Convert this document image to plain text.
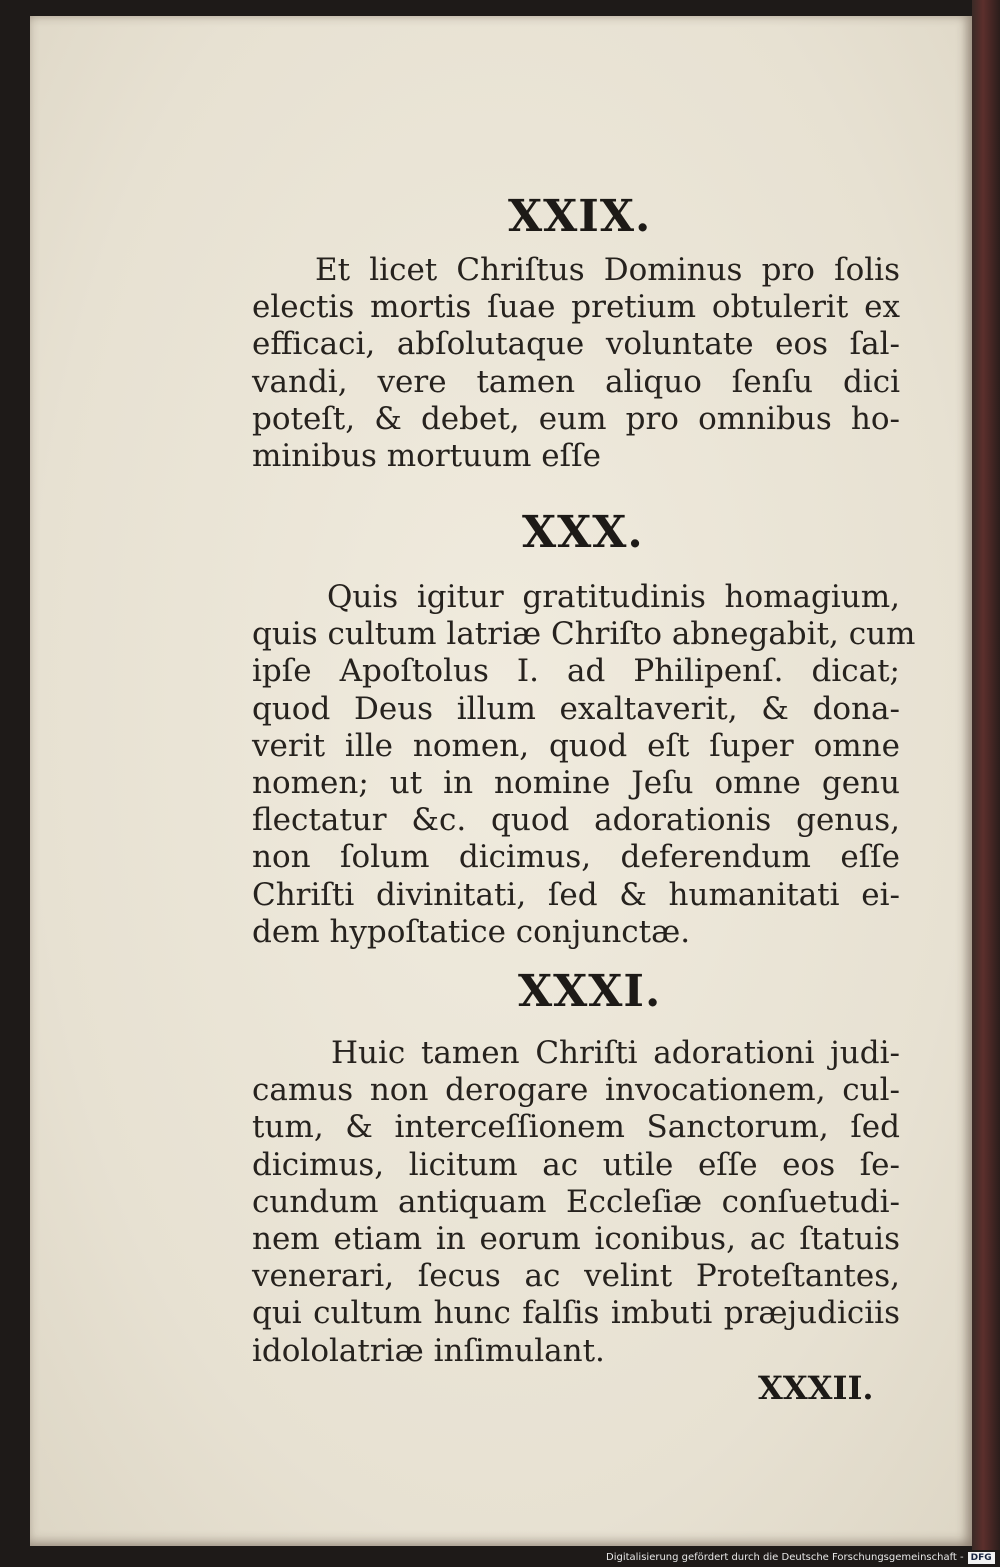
XXIX.
Et licet Chriſtus Dominus pro ſolis
electis mortis ſuae pretium obtulerit ex
efficaci, abſolutaque voluntate eos ſal-
vandi, vere tamen aliquo ſenſu dici
poteſt, & debet, eum pro omnibus ho-
minibus mortuum eſſe
XXX.
Quis igitur gratitudinis homagium,
quis cultum latriæ Chriſto abnegabit, cum
ipſe Apoſtolus I. ad Philipenſ. dicat;
quod Deus illum exaltaverit, & dona-
verit ille nomen, quod eſt ſuper omne
nomen; ut in nomine Jeſu omne genu
flectatur &c. quod adorationis genus,
non ſolum dicimus, deferendum eſſe
Chriſti divinitati, ſed & humanitati ei-
dem hypoſtatice conjunctæ.
XXXI.
Huic tamen Chriſti adorationi judi-
camus non derogare invocationem, cul-
tum, & interceſſionem Sanctorum, ſed
dicimus, licitum ac utile eſſe eos ſe-
cundum antiquam Eccleſiæ conſuetudi-
nem etiam in eorum iconibus, ac ſtatuis
venerari, ſecus ac velint Proteſtantes,
qui cultum hunc falſis imbuti præjudiciis
idololatriæ inſimulant.
XXXII.
Digitalisierung gefördert durch die Deutsche Forschungsgemeinschaft - DFG
